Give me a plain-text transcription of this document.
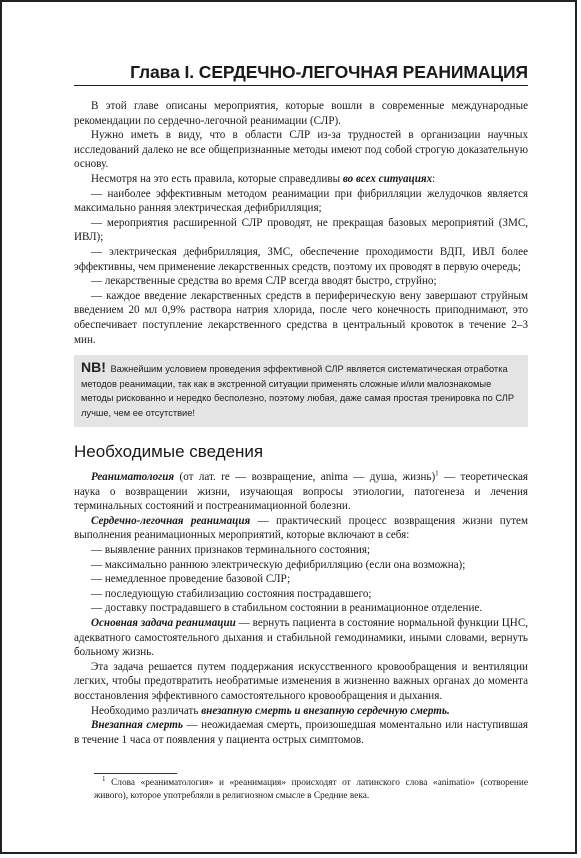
Глава I. СЕРДЕЧНО-ЛЕГОЧНАЯ РЕАНИМАЦИЯ

В этой главе описаны мероприятия, которые вошли в современные международные рекомендации по сердечно-легочной реанимации (СЛР).

Нужно иметь в виду, что в области СЛР из-за трудностей в организации научных исследований далеко не все общепризнанные методы имеют под собой строгую доказательную основу.

Несмотря на это есть правила, которые справедливы во всех ситуациях:

— наиболее эффективным методом реанимации при фибрилляции желудочков является максимально ранняя электрическая дефибрилляция;

— мероприятия расширенной СЛР проводят, не прекращая базовых мероприятий (ЗМС, ИВЛ);

— электрическая дефибрилляция, ЗМС, обеспечение проходимости ВДП, ИВЛ более эффективны, чем применение лекарственных средств, поэтому их проводят в первую очередь;

— лекарственные средства во время СЛР всегда вводят быстро, струйно;

— каждое введение лекарственных средств в периферическую вену завершают струйным введением 20 мл 0,9% раствора натрия хлорида, после чего конечность приподнимают, это обеспечивает поступление лекарственного средства в центральный кровоток в течение 2–3 мин.

NB! Важнейшим условием проведения эффективной СЛР является систематическая отработка методов реанимации, так как в экстренной ситуации применять сложные и/или малознакомые методы рискованно и нередко бесполезно, поэтому любая, даже самая простая тренировка по СЛР лучше, чем ее отсутствие!
Необходимые сведения

Реаниматология (от лат. re — возвращение, anima — душа, жизнь)$^1$ — теоретическая наука о возвращении жизни, изучающая вопросы этиологии, патогенеза и лечения терминальных состояний и постреанимационной болезни.

Сердечно-легочная реанимация — практический процесс возвращения жизни путем выполнения реанимационных мероприятий, которые включают в себя:

— выявление ранних признаков терминального состояния;

— максимально раннюю электрическую дефибрилляцию (если она возможна);

— немедленное проведение базовой СЛР;

— последующую стабилизацию состояния пострадавшего;

— доставку пострадавшего в стабильном состоянии в реанимационное отделение.

Основная задача реанимации — вернуть пациента в состояние нормальной функции ЦНС, адекватного самостоятельного дыхания и стабильной гемодинамики, иными словами, вернуть больному жизнь.

Эта задача решается путем поддержания искусственного кровообращения и вентиляции легких, чтобы предотвратить необратимые изменения в жизненно важных органах до момента восстановления эффективного самостоятельного кровообращения и дыхания.

Необходимо различать внезапную смерть и внезапную сердечную смерть.

Внезапная смерть — неожидаемая смерть, произошедшая моментально или наступившая в течение 1 часа от появления у пациента острых симптомов.

$^1$ Слова «реаниматология» и «реанимация» происходят от латинского слова «animatio» (сотворение живого), которое употребляли в религиозном смысле в Средние века.
